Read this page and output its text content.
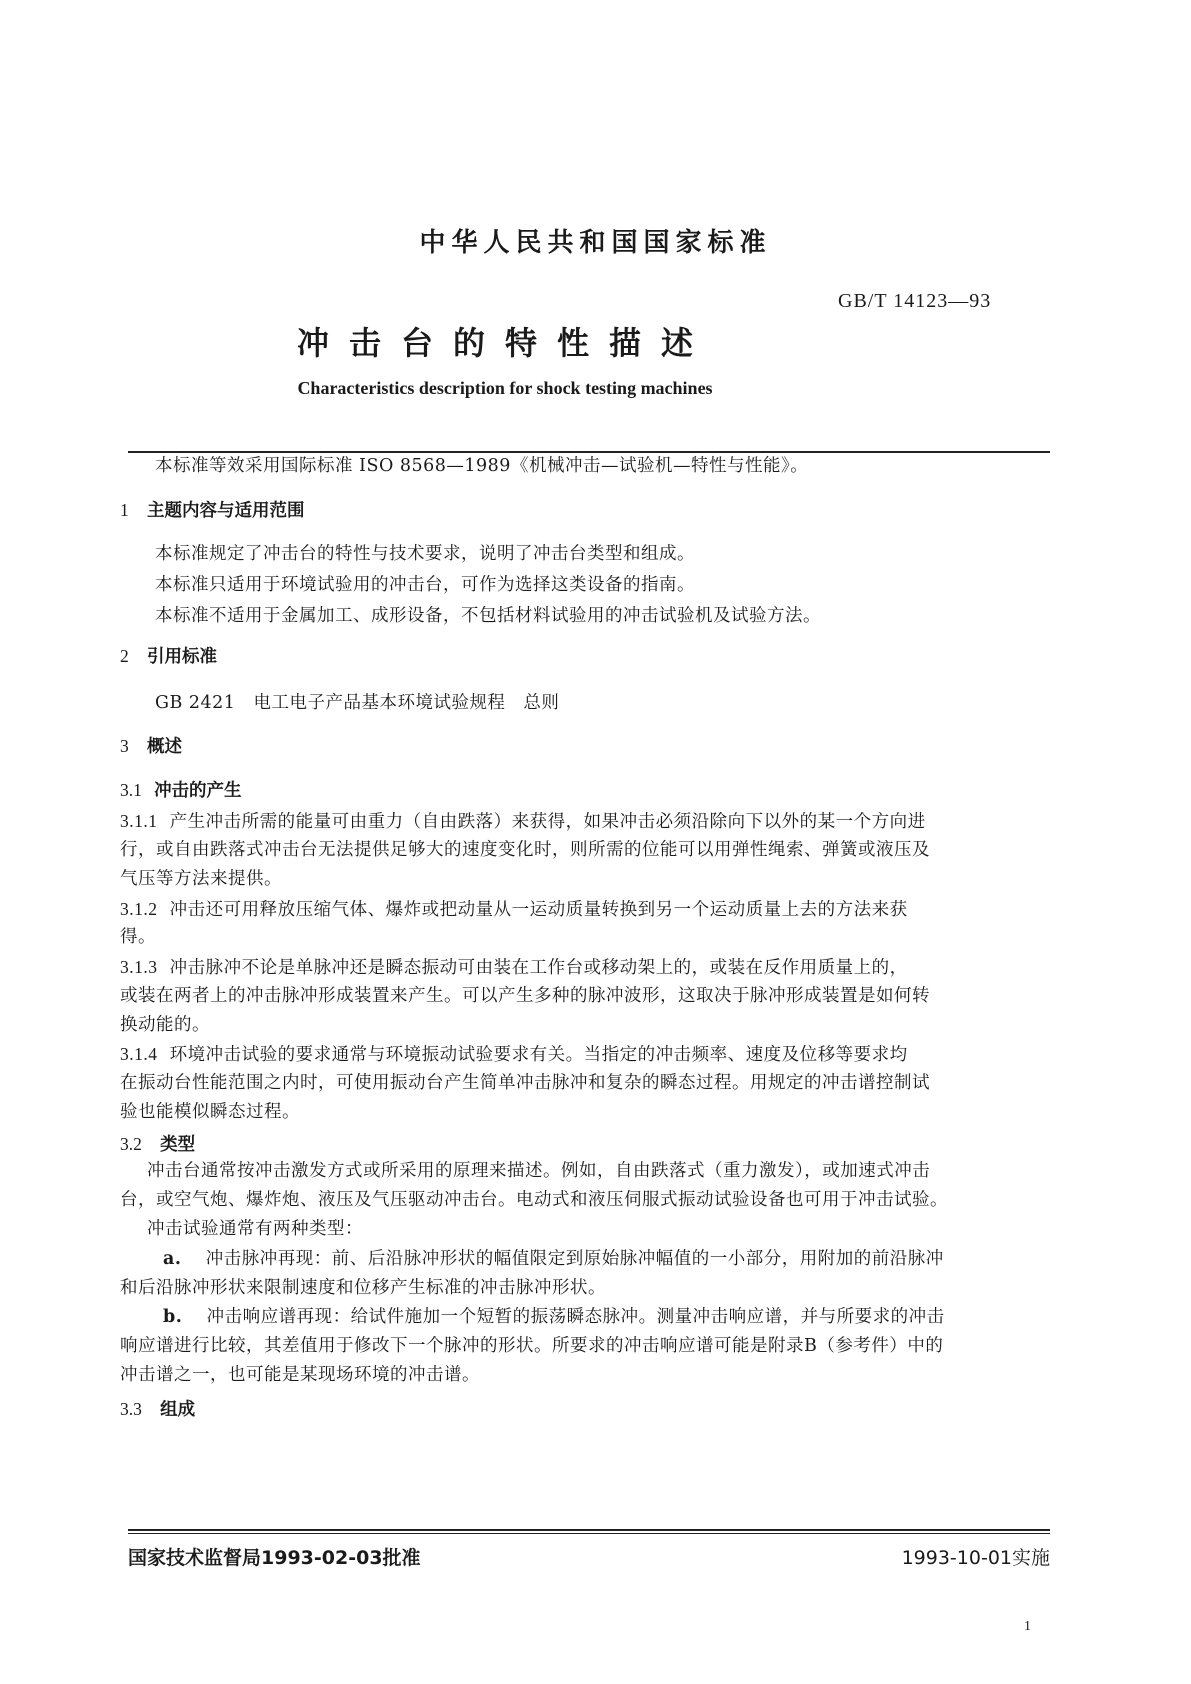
中华人民共和国国家标准
GB/T 14123—93
冲击台的特性描述
Characteristics description for shock testing machines
本标准等效采用国际标准 ISO 8568—1989《机械冲击—试验机—特性与性能》。
1 主题内容与适用范围
本标准规定了冲击台的特性与技术要求，说明了冲击台类型和组成。
本标准只适用于环境试验用的冲击台，可作为选择这类设备的指南。
本标准不适用于金属加工、成形设备，不包括材料试验用的冲击试验机及试验方法。
2 引用标准
GB 2421　电工电子产品基本环境试验规程　总则
3 概述
3.1 冲击的产生
3.1.1 产生冲击所需的能量可由重力（自由跌落）来获得，如果冲击必须沿除向下以外的某一个方向进
行，或自由跌落式冲击台无法提供足够大的速度变化时，则所需的位能可以用弹性绳索、弹簧或液压及
气压等方法来提供。
3.1.2 冲击还可用释放压缩气体、爆炸或把动量从一运动质量转换到另一个运动质量上去的方法来获
得。
3.1.3 冲击脉冲不论是单脉冲还是瞬态振动可由装在工作台或移动架上的，或装在反作用质量上的，
或装在两者上的冲击脉冲形成装置来产生。可以产生多种的脉冲波形，这取决于脉冲形成装置是如何转
换动能的。
3.1.4 环境冲击试验的要求通常与环境振动试验要求有关。当指定的冲击频率、速度及位移等要求均
在振动台性能范围之内时，可使用振动台产生简单冲击脉冲和复杂的瞬态过程。用规定的冲击谱控制试
验也能模似瞬态过程。
3.2 类型
冲击台通常按冲击激发方式或所采用的原理来描述。例如，自由跌落式（重力激发），或加速式冲击
台，或空气炮、爆炸炮、液压及气压驱动冲击台。电动式和液压伺服式振动试验设备也可用于冲击试验。
冲击试验通常有两种类型：
a. 冲击脉冲再现：前、后沿脉冲形状的幅值限定到原始脉冲幅值的一小部分，用附加的前沿脉冲
和后沿脉冲形状来限制速度和位移产生标准的冲击脉冲形状。
b. 冲击响应谱再现：给试件施加一个短暂的振荡瞬态脉冲。测量冲击响应谱，并与所要求的冲击
响应谱进行比较，其差值用于修改下一个脉冲的形状。所要求的冲击响应谱可能是附录B（参考件）中的
冲击谱之一，也可能是某现场环境的冲击谱。
3.3 组成
国家技术监督局1993-02-03批准	1993-10-01实施
1
